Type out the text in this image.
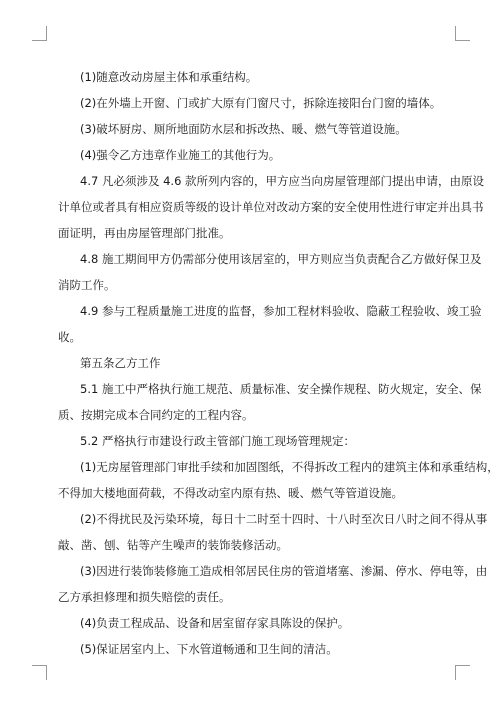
(1)随意改动房屋主体和承重结构。

(2)在外墙上开窗、门或扩大原有门窗尺寸，拆除连接阳台门窗的墙体。

(3)破坏厨房、厕所地面防水层和拆改热、暖、燃气等管道设施。

(4)强令乙方违章作业施工的其他行为。

4.7 凡必须涉及 4.6 款所列内容的，甲方应当向房屋管理部门提出申请，由原设
计单位或者具有相应资质等级的设计单位对改动方案的安全使用性进行审定并出具书
面证明，再由房屋管理部门批准。

4.8 施工期间甲方仍需部分使用该居室的，甲方则应当负责配合乙方做好保卫及
消防工作。

4.9 参与工程质量施工进度的监督，参加工程材料验收、隐蔽工程验收、竣工验
收。

第五条乙方工作

5.1 施工中严格执行施工规范、质量标准、安全操作规程、防火规定，安全、保
质、按期完成本合同约定的工程内容。

5.2 严格执行市建设行政主管部门施工现场管理规定：

(1)无房屋管理部门审批手续和加固图纸，不得拆改工程内的建筑主体和承重结构，
不得加大楼地面荷载，不得改动室内原有热、暖、燃气等管道设施。

(2)不得扰民及污染环境，每日十二时至十四时、十八时至次日八时之间不得从事
敲、凿、刨、钻等产生噪声的装饰装修活动。

(3)因进行装饰装修施工造成相邻居民住房的管道堵塞、渗漏、停水、停电等，由
乙方承担修理和损失赔偿的责任。

(4)负责工程成品、设备和居室留存家具陈设的保护。

(5)保证居室内上、下水管道畅通和卫生间的清洁。
